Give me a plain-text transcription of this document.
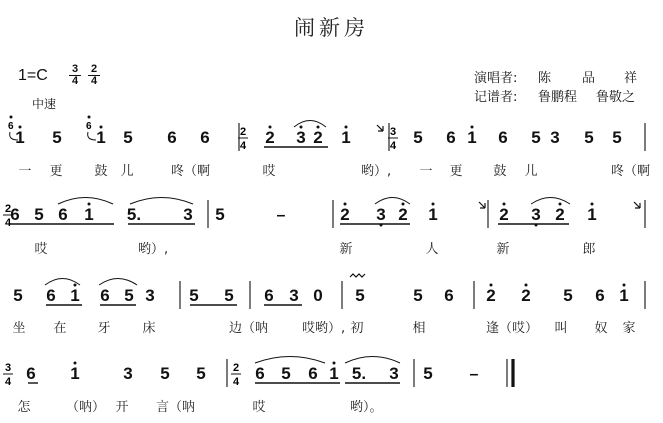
闹新房
$1=C \frac{3}{4} \frac{2}{4}$
中速
演唱者: 陈 品 祥
记谱者: 鲁鹏程 鲁敬之
1 5 1 5 6 6	2 3 2 1	5 6 1 6 5 3 5 5
2
4
3
4
6	6
6 5 6 1 5. 3 5	–	2 3 2 1	2 3 2 1
2
4
5 6 1 6 5 3 5 5 6 3 0 5	5 6 2 2 5 6 1
6 1	3 5 5	6 5 6 1 5. 3 5 –
3
4
2
4
一 更 鼓 儿	咚（啊	哎	哟）, 一 更 鼓 儿	咚（啊
哎	哟）,	新	人	新	郎
坐 在 牙 床	边（呐	哎哟）, 初	相	逢（哎） 叫 奴 家
怎	（呐） 开 言（呐	哎	哟）。
